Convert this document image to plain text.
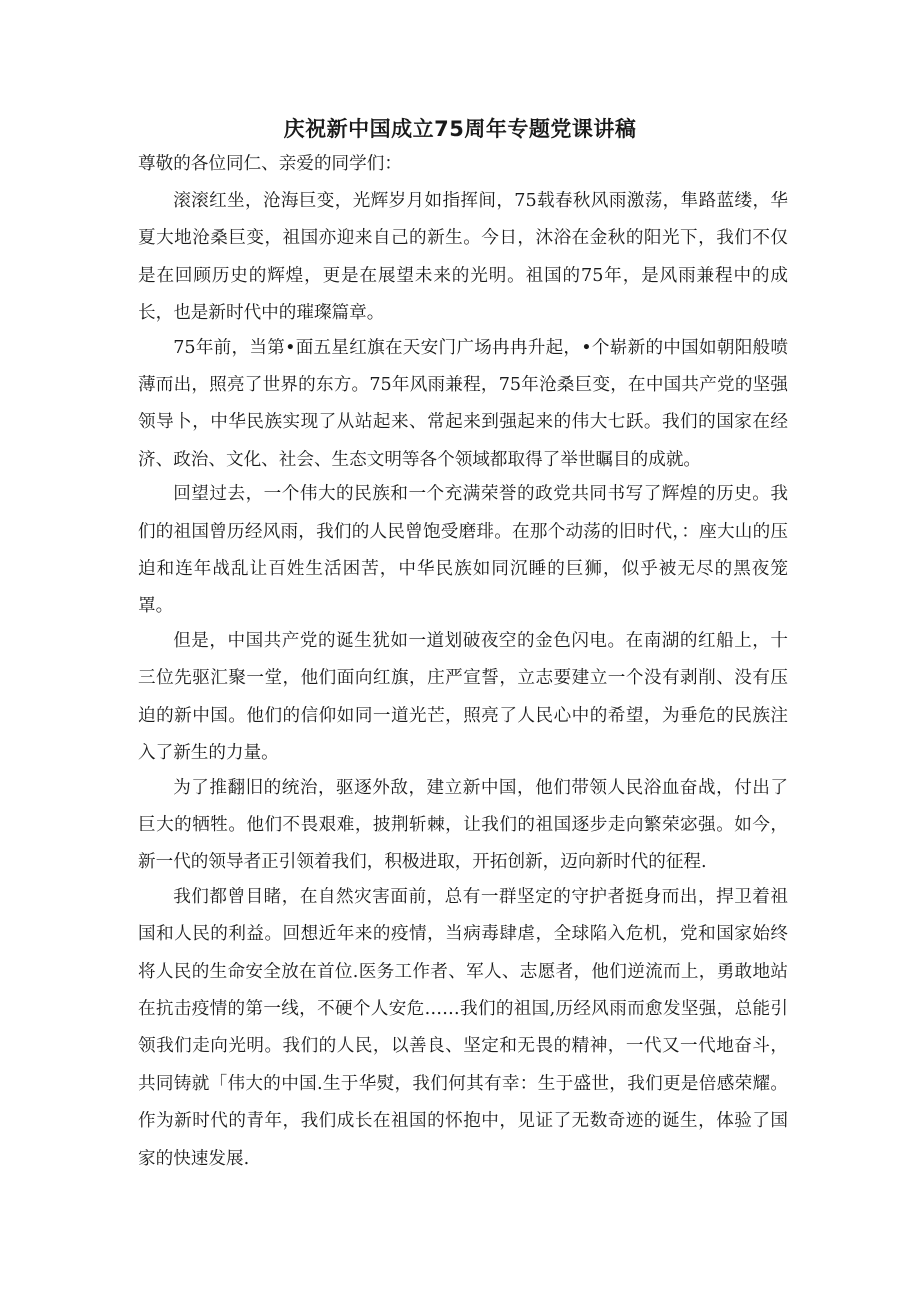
庆祝新中国成立75周年专题党课讲稿

尊敬的各位同仁、亲爱的同学们：

滚滚红坐，沧海巨变，光辉岁月如指挥间，75载春秋风雨激荡，隼路蓝缕，华夏大地沧桑巨变，祖国亦迎来自己的新生。今日，沐浴在金秋的阳光下，我们不仅是在回顾历史的辉煌，更是在展望未来的光明。祖国的75年，是风雨兼程中的成长，也是新时代中的璀璨篇章。

75年前，当第•面五星红旗在天安门广场冉冉升起，•个崭新的中国如朝阳般喷薄而出，照亮了世界的东方。75年风雨兼程，75年沧桑巨变，在中国共产党的坚强领导卜，中华民族实现了从站起来、常起来到强起来的伟大七跃。我们的国家在经济、政治、文化、社会、生态文明等各个领域都取得了举世瞩目的成就。

回望过去，一个伟大的民族和一个充满荣誉的政党共同书写了辉煌的历史。我们的祖国曾历经风雨，我们的人民曾饱受磨琲。在那个动荡的旧时代，：座大山的压迫和连年战乱让百姓生活困苦，中华民族如同沉睡的巨狮，似乎被无尽的黑夜笼罩。

但是，中国共产党的诞生犹如一道划破夜空的金色闪电。在南湖的红船上，十三位先驱汇聚一堂，他们面向红旗，庄严宣誓，立志要建立一个没有剥削、没有压迫的新中国。他们的信仰如同一道光芒，照亮了人民心中的希望，为垂危的民族注入了新生的力量。

为了推翻旧的统治，驱逐外敌，建立新中国，他们带领人民浴血奋战，付出了巨大的牺牲。他们不畏艰难，披荆斩棘，让我们的祖国逐步走向繁荣宓强。如今，新一代的领导者正引领着我们，积极进取，开拓创新，迈向新时代的征程.

我们都曾目睹，在自然灾害面前，总有一群坚定的守护者挺身而出，捍卫着祖国和人民的利益。回想近年来的疫情，当病毒肆虐，全球陷入危机，党和国家始终将人民的生命安全放在首位.医务工作者、军人、志愿者，他们逆流而上，勇敢地站在抗击疫情的第一线，不硬个人安危……我们的祖国,历经风雨而愈发坚强，总能引领我们走向光明。我们的人民，以善良、坚定和无畏的精神，一代又一代地奋斗，共同铸就「伟大的中国.生于华熨，我们何其有幸：生于盛世，我们更是倍感荣耀。作为新时代的青年，我们成长在祖国的怀抱中，见证了无数奇迹的诞生，体验了国家的快速发展.
